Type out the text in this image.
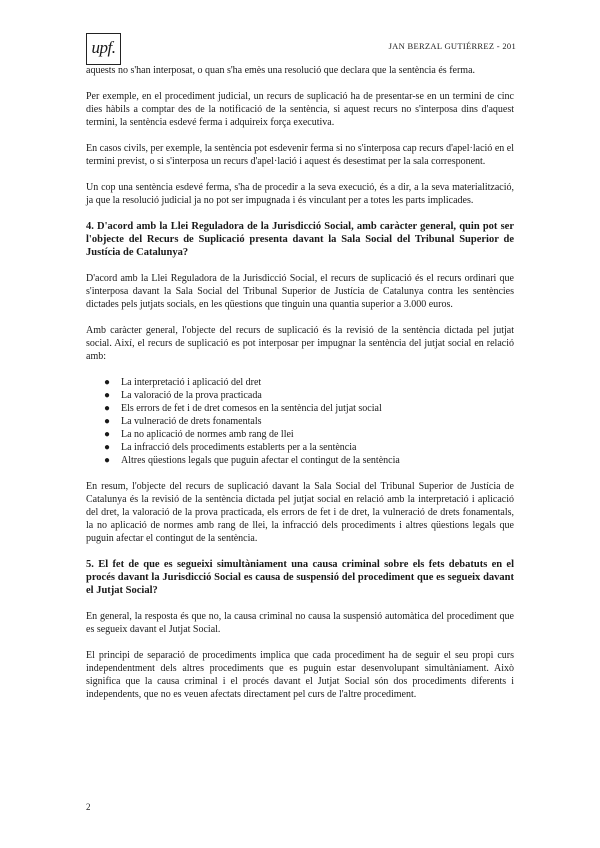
upf.	JAN BERZAL GUTIÉRREZ - 201

aquests no s'han interposat, o quan s'ha emès una resolució que declara que la sentència és ferma.

Per exemple, en el procediment judicial, un recurs de suplicació ha de presentar-se en un termini de cinc dies hàbils a comptar des de la notificació de la sentència, si aquest recurs no s'interposa dins d'aquest termini, la sentència esdevé ferma i adquireix força executiva.

En casos civils, per exemple, la sentència pot esdevenir ferma si no s'interposa cap recurs d'apel·lació en el termini previst, o si s'interposa un recurs d'apel·lació i aquest és desestimat per la sala corresponent.

Un cop una sentència esdevé ferma, s'ha de procedir a la seva execució, és a dir, a la seva materialització, ja que la resolució judicial ja no pot ser impugnada i és vinculant per a totes les parts implicades.

4. D'acord amb la Llei Reguladora de la Jurisdicció Social, amb caràcter general, quin pot ser l'objecte del Recurs de Suplicació presenta davant la Sala Social del Tribunal Superior de Justícia de Catalunya?

D'acord amb la Llei Reguladora de la Jurisdicció Social, el recurs de suplicació és el recurs ordinari que s'interposa davant la Sala Social del Tribunal Superior de Justícia de Catalunya contra les sentències dictades pels jutjats socials, en les qüestions que tinguin una quantia superior a 3.000 euros.

Amb caràcter general, l'objecte del recurs de suplicació és la revisió de la sentència dictada pel jutjat social. Així, el recurs de suplicació es pot interposar per impugnar la sentència del jutjat social en relació amb:

● La interpretació i aplicació del dret
● La valoració de la prova practicada
● Els errors de fet i de dret comesos en la sentència del jutjat social
● La vulneració de drets fonamentals
● La no aplicació de normes amb rang de llei
● La infracció dels procediments establerts per a la sentència
● Altres qüestions legals que puguin afectar el contingut de la sentència

En resum, l'objecte del recurs de suplicació davant la Sala Social del Tribunal Superior de Justícia de Catalunya és la revisió de la sentència dictada pel jutjat social en relació amb la interpretació i aplicació del dret, la valoració de la prova practicada, els errors de fet i de dret, la vulneració de drets fonamentals, la no aplicació de normes amb rang de llei, la infracció dels procediments i altres qüestions legals que puguin afectar el contingut de la sentència.

5. El fet de que es segueixi simultàniament una causa criminal sobre els fets debatuts en el procés davant la Jurisdicció Social es causa de suspensió del procediment que es segueix davant el Jutjat Social?

En general, la resposta és que no, la causa criminal no causa la suspensió automàtica del procediment que es segueix davant el Jutjat Social.

El principi de separació de procediments implica que cada procediment ha de seguir el seu propi curs independentment dels altres procediments que es puguin estar desenvolupant simultàniament. Això significa que la causa criminal i el procés davant el Jutjat Social són dos procediments diferents i independents, que no es veuen afectats directament pel curs de l'altre procediment.

2
